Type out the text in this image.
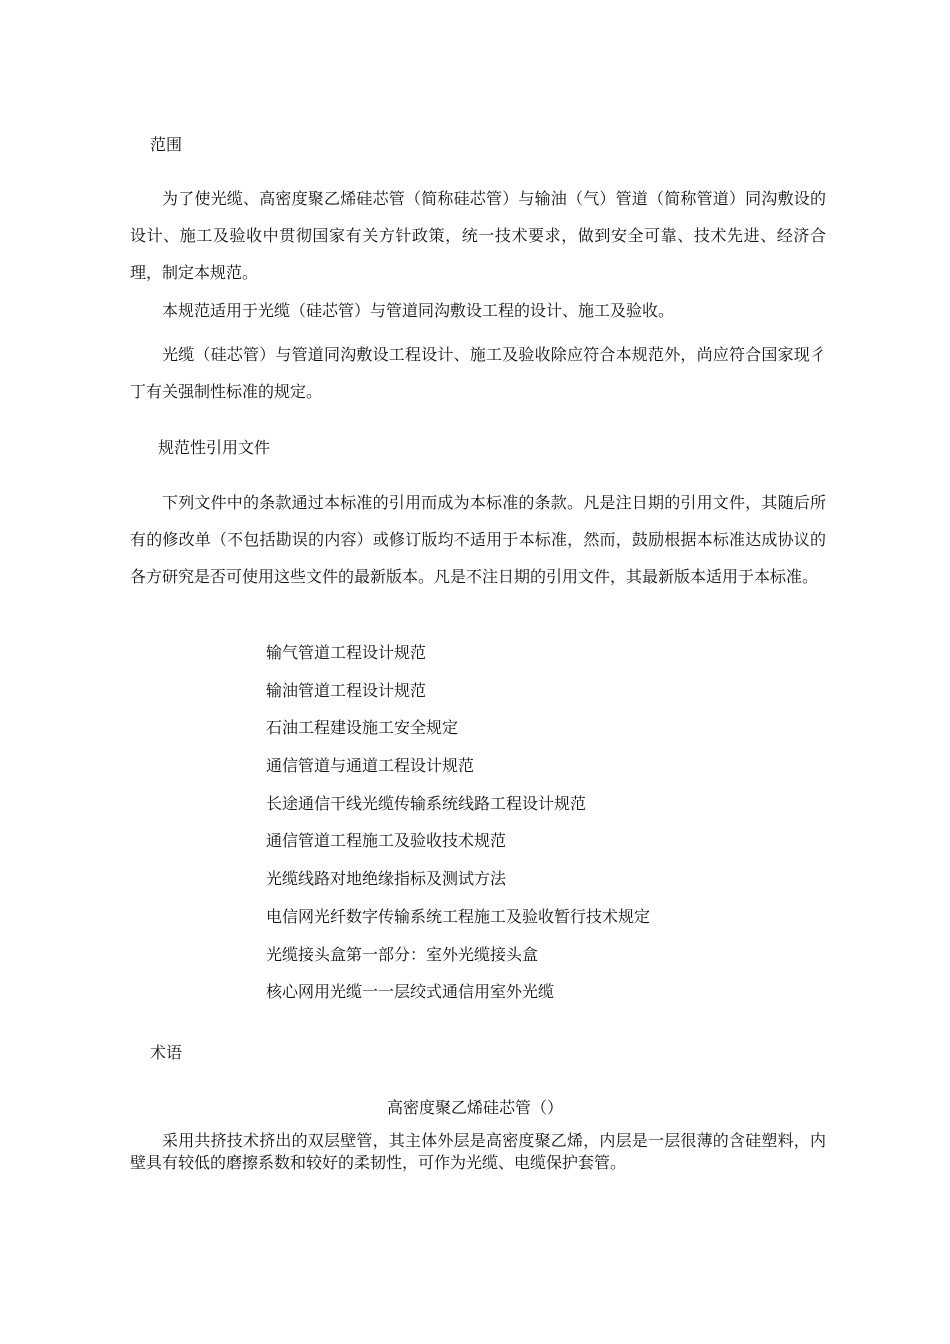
范围

为了使光缆、高密度聚乙烯硅芯管（简称硅芯管）与输油（气）管道（简称管道）同沟敷设的设计、施工及验收中贯彻国家有关方针政策，统一技术要求，做到安全可靠、技术先进、经济合理，制定本规范。

本规范适用于光缆（硅芯管）与管道同沟敷设工程的设计、施工及验收。

光缆（硅芯管）与管道同沟敷设工程设计、施工及验收除应符合本规范外，尚应符合国家现彳丁有关强制性标准的规定。

规范性引用文件

下列文件中的条款通过本标准的引用而成为本标准的条款。凡是注日期的引用文件，其随后所有的修改单（不包括勘误的内容）或修订版均不适用于本标准，然而，鼓励根据本标准达成协议的各方研究是否可使用这些文件的最新版本。凡是不注日期的引用文件，其最新版本适用于本标准。

输气管道工程设计规范
输油管道工程设计规范
石油工程建设施工安全规定
通信管道与通道工程设计规范
长途通信干线光缆传输系统线路工程设计规范
通信管道工程施工及验收技术规范
光缆线路对地绝缘指标及测试方法
电信网光纤数字传输系统工程施工及验收暂行技术规定
光缆接头盒第一部分：室外光缆接头盒
核心网用光缆一一层绞式通信用室外光缆
术语
高密度聚乙烯硅芯管（）

采用共挤技术挤出的双层壁管，其主体外层是高密度聚乙烯，内层是一层很薄的含硅塑料，内壁具有较低的磨擦系数和较好的柔韧性，可作为光缆、电缆保护套管。
